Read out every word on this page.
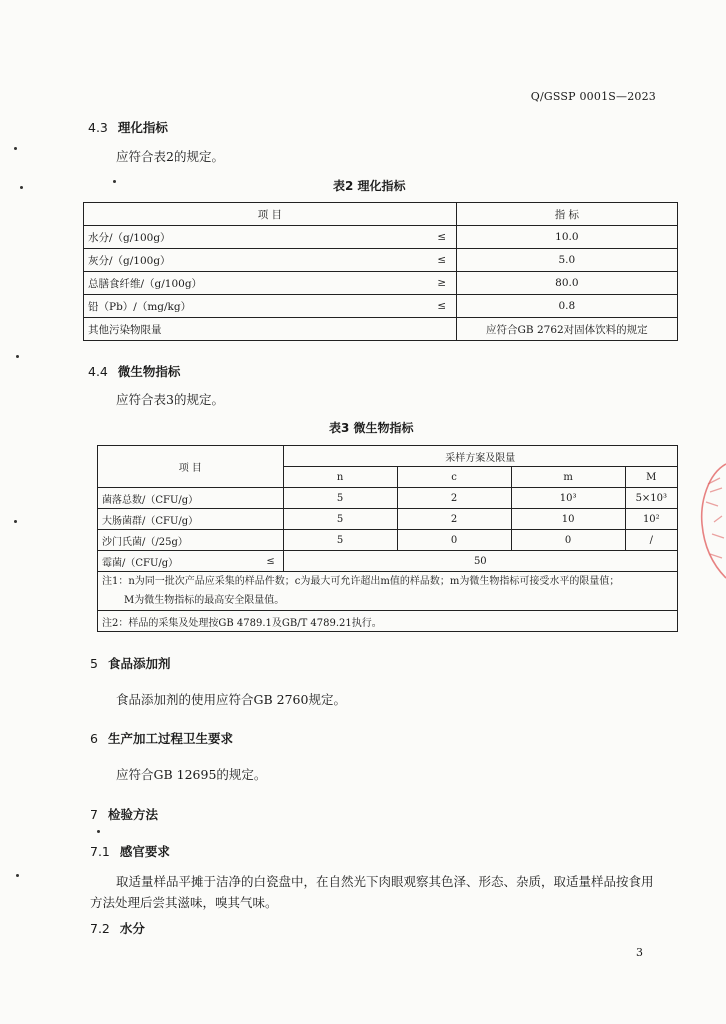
Q/GSSP 0001S—2023
4.3 理化指标
应符合表2的规定。
表2 理化指标
项 目		指 标
水分/（g/100g）	≤	10.0
灰分/（g/100g）	≤	5.0
总膳食纤维/（g/100g）	≥	80.0
铅（Pb）/（mg/kg）	≤	0.8
其他污染物限量		应符合GB 2762对固体饮料的规定
4.4 微生物指标
应符合表3的规定。
表3 微生物指标
项 目		采样方案及限量			
		n	c	m	M
菌落总数/（CFU/g）		5	2	10³	5×10³
大肠菌群/（CFU/g）		5	2	10	10²
沙门氏菌/（/25g）		5	0	0	/
霉菌/（CFU/g）	≤	50			

注1：n为同一批次产品应采集的样品件数；c为最大可允许超出m值的样品数；m为微生物指标可接受水平的限量值；
M为微生物指标的最高安全限量值。					

注2：样品的采集及处理按GB 4789.1及GB/T 4789.21执行。					
5 食品添加剂
食品添加剂的使用应符合GB 2760规定。
6 生产加工过程卫生要求
应符合GB 12695的规定。
7 检验方法
7.1 感官要求
取适量样品平摊于洁净的白瓷盘中，在自然光下肉眼观察其色泽、形态、杂质，取适量样品按食用
方法处理后尝其滋味，嗅其气味。
7.2 水分
3
